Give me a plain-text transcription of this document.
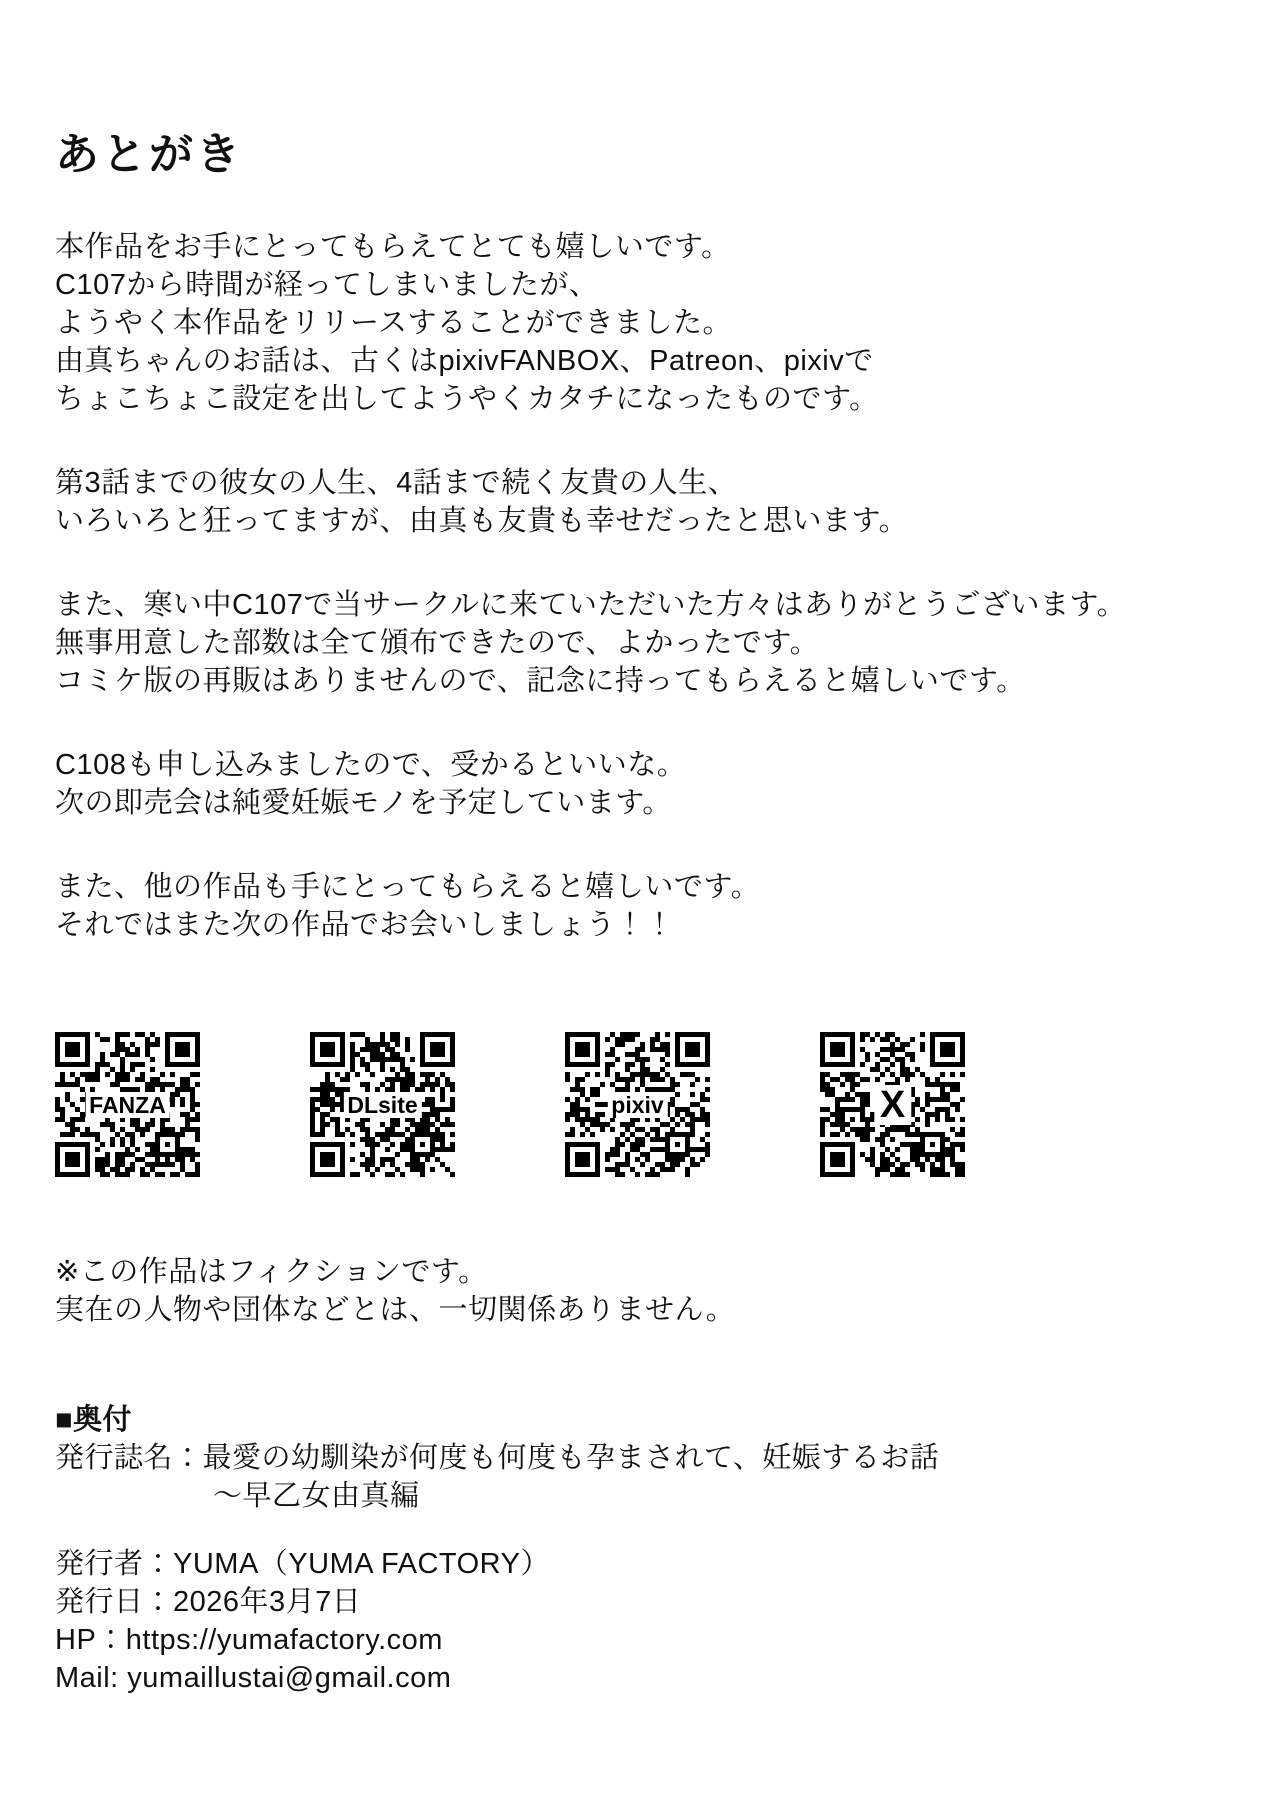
あとがき
本作品をお手にとってもらえてとても嬉しいです。
C107から時間が経ってしまいましたが、
ようやく本作品をリリースすることができました。
由真ちゃんのお話は、古くはpixivFANBOX、Patreon、pixivで
ちょこちょこ設定を出してようやくカタチになったものです。
第3話までの彼女の人生、4話まで続く友貴の人生、
いろいろと狂ってますが、由真も友貴も幸せだったと思います。
また、寒い中C107で当サークルに来ていただいた方々はありがとうございます。
無事用意した部数は全て頒布できたので、よかったです。
コミケ版の再販はありませんので、記念に持ってもらえると嬉しいです。
C108も申し込みましたので、受かるといいな。
次の即売会は純愛妊娠モノを予定しています。
また、他の作品も手にとってもらえると嬉しいです。
それではまた次の作品でお会いしましょう！！
FANZA	DLsite	pixiv	X
※この作品はフィクションです。
実在の人物や団体などとは、一切関係ありません。
■奥付
発行誌名：最愛の幼馴染が何度も何度も孕まされて、妊娠するお話
～早乙女由真編
発行者：YUMA（YUMA FACTORY）
発行日：2026年3月7日
HP：https://yumafactory.com
Mail: yumaillustai@gmail.com
